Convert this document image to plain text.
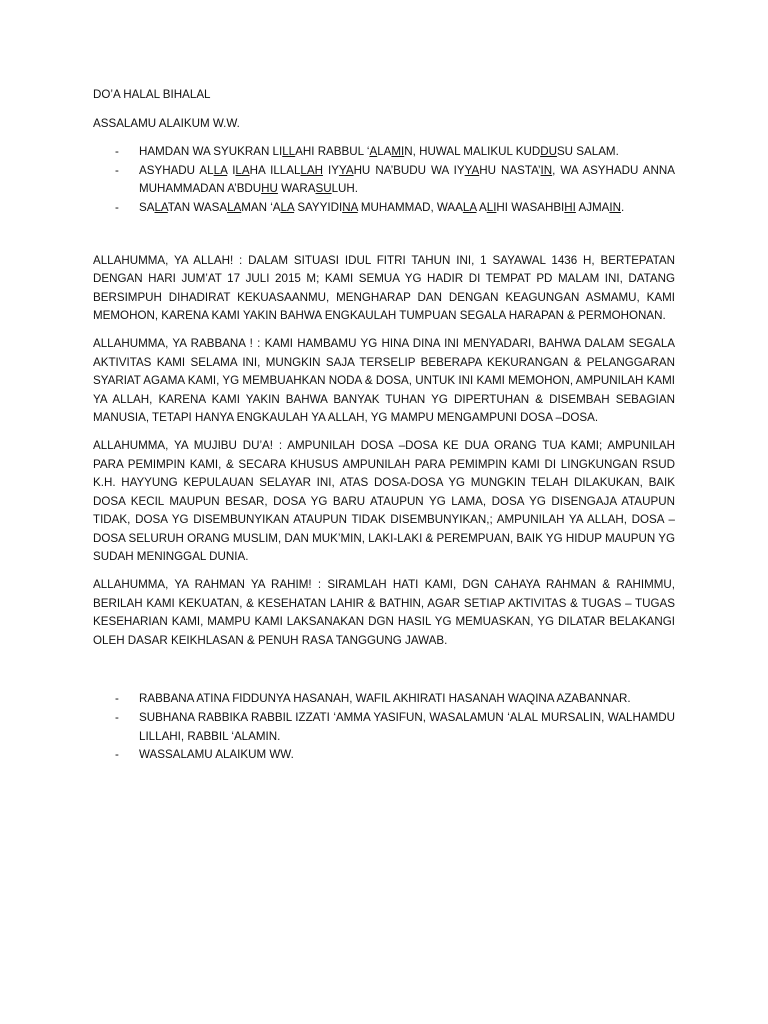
DO’A HALAL BIHALAL

ASSALAMU ALAIKUM W.W.

- HAMDAN WA SYUKRAN LILLAHI RABBUL ‘ALAMIN, HUWAL MALIKUL KUDDUSU SALAM.
- ASYHADU ALLA ILAHA ILLALLAH IYYAHU NA’BUDU WA IYYAHU NASTA’IN, WA ASYHADU ANNA MUHAMMADAN A’BDUHU WARASULUH.
- SALATAN WASALAMAN ‘ALA SAYYIDINA MUHAMMAD, WAALA ALIHI WASAHBIHI AJMAIN.

ALLAHUMMA, YA ALLAH! : DALAM SITUASI IDUL FITRI TAHUN INI, 1 SAYAWAL 1436 H, BERTEPATAN DENGAN HARI JUM’AT 17 JULI 2015 M; KAMI SEMUA YG HADIR DI TEMPAT PD MALAM INI, DATANG BERSIMPUH DIHADIRAT KEKUASAANMU, MENGHARAP DAN DENGAN KEAGUNGAN ASMAMU, KAMI MEMOHON, KARENA KAMI YAKIN BAHWA ENGKAULAH TUMPUAN SEGALA HARAPAN & PERMOHONAN.

ALLAHUMMA, YA RABBANA ! : KAMI HAMBAMU YG HINA DINA INI MENYADARI, BAHWA DALAM SEGALA AKTIVITAS KAMI SELAMA INI, MUNGKIN SAJA TERSELIP BEBERAPA KEKURANGAN & PELANGGARAN SYARIAT AGAMA KAMI, YG MEMBUAHKAN NODA & DOSA, UNTUK INI KAMI MEMOHON, AMPUNILAH KAMI YA ALLAH, KARENA KAMI YAKIN BAHWA BANYAK TUHAN YG DIPERTUHAN & DISEMBAH SEBAGIAN MANUSIA, TETAPI HANYA ENGKAULAH YA ALLAH, YG MAMPU MENGAMPUNI DOSA –DOSA.

ALLAHUMMA, YA MUJIBU DU’A! : AMPUNILAH DOSA –DOSA KE DUA ORANG TUA KAMI; AMPUNILAH PARA PEMIMPIN KAMI, & SECARA KHUSUS AMPUNILAH PARA PEMIMPIN KAMI DI LINGKUNGAN RSUD K.H. HAYYUNG KEPULAUAN SELAYAR INI, ATAS DOSA-DOSA YG MUNGKIN TELAH DILAKUKAN, BAIK DOSA KECIL MAUPUN BESAR, DOSA YG BARU ATAUPUN YG LAMA, DOSA YG DISENGAJA ATAUPUN TIDAK, DOSA YG DISEMBUNYIKAN ATAUPUN TIDAK DISEMBUNYIKAN,; AMPUNILAH YA ALLAH, DOSA –DOSA SELURUH ORANG MUSLIM, DAN MUK’MIN, LAKI-LAKI & PEREMPUAN, BAIK YG HIDUP MAUPUN YG SUDAH MENINGGAL DUNIA.

ALLAHUMMA, YA RAHMAN YA RAHIM! : SIRAMLAH HATI KAMI, DGN CAHAYA RAHMAN & RAHIMMU, BERILAH KAMI KEKUATAN, & KESEHATAN LAHIR & BATHIN, AGAR SETIAP AKTIVITAS & TUGAS – TUGAS KESEHARIAN KAMI, MAMPU KAMI LAKSANAKAN DGN HASIL YG MEMUASKAN, YG DILATAR BELAKANGI OLEH DASAR KEIKHLASAN & PENUH RASA TANGGUNG JAWAB.

- RABBANA ATINA FIDDUNYA HASANAH, WAFIL AKHIRATI HASANAH WAQINA AZABANNAR.
- SUBHANA RABBIKA RABBIL IZZATI ‘AMMA YASIFUN, WASALAMUN ‘ALAL MURSALIN, WALHAMDU LILLAHI, RABBIL ‘ALAMIN.
- WASSALAMU ALAIKUM WW.
